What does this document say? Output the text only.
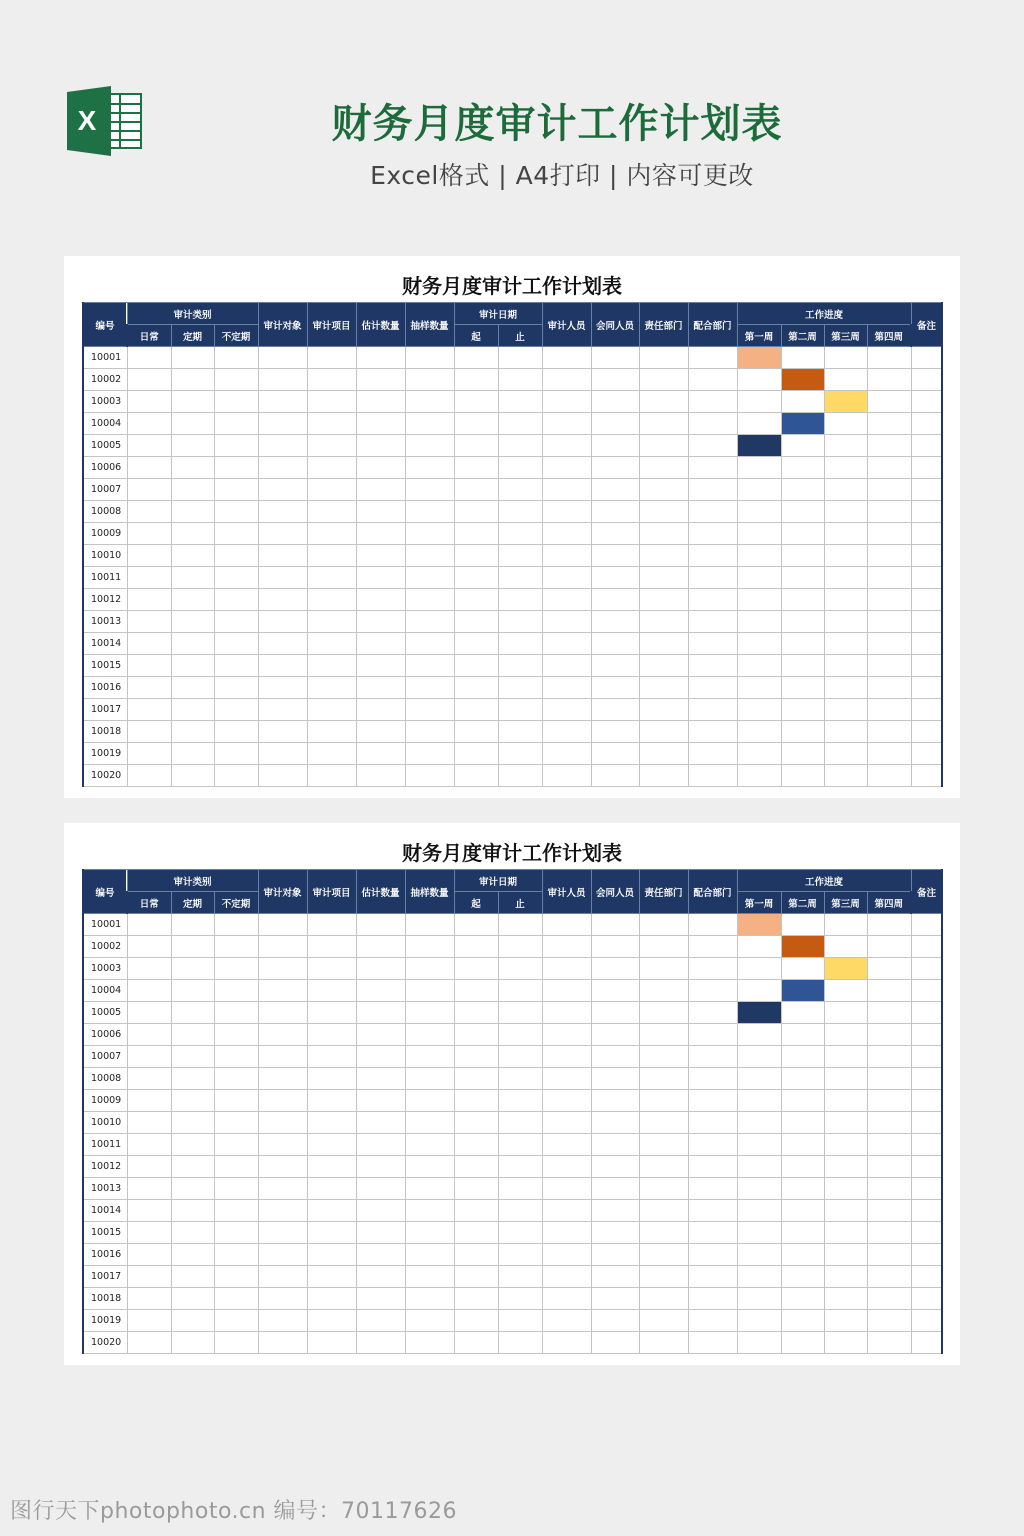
X	财务月度审计工作计划表
Excel格式 | A4打印 | 内容可更改
财务月度审计工作计划表
编号	审计类别			审计对象	审计项目	估计数量	抽样数量	审计日期		审计人员	会同人员	责任部门	配合部门	工作进度				备注
	日常	定期	不定期					起	止					第一周	第二周	第三周	第四周	
10001																		
10002																		
10003																		
10004																		
10005																		
10006																		
10007																		
10008																		
10009																		
10010																		
10011																		
10012																		
10013																		
10014																		
10015																		
10016																		
10017																		
10018																		
10019																		
10020																		
财务月度审计工作计划表
编号	审计类别			审计对象	审计项目	估计数量	抽样数量	审计日期		审计人员	会同人员	责任部门	配合部门	工作进度				备注
	日常	定期	不定期					起	止					第一周	第二周	第三周	第四周	
10001																		
10002																		
10003																		
10004																		
10005																		
10006																		
10007																		
10008																		
10009																		
10010																		
10011																		
10012																		
10013																		
10014																		
10015																		
10016																		
10017																		
10018																		
10019																		
10020																		
图行天下photophoto.cn 编号：70117626
